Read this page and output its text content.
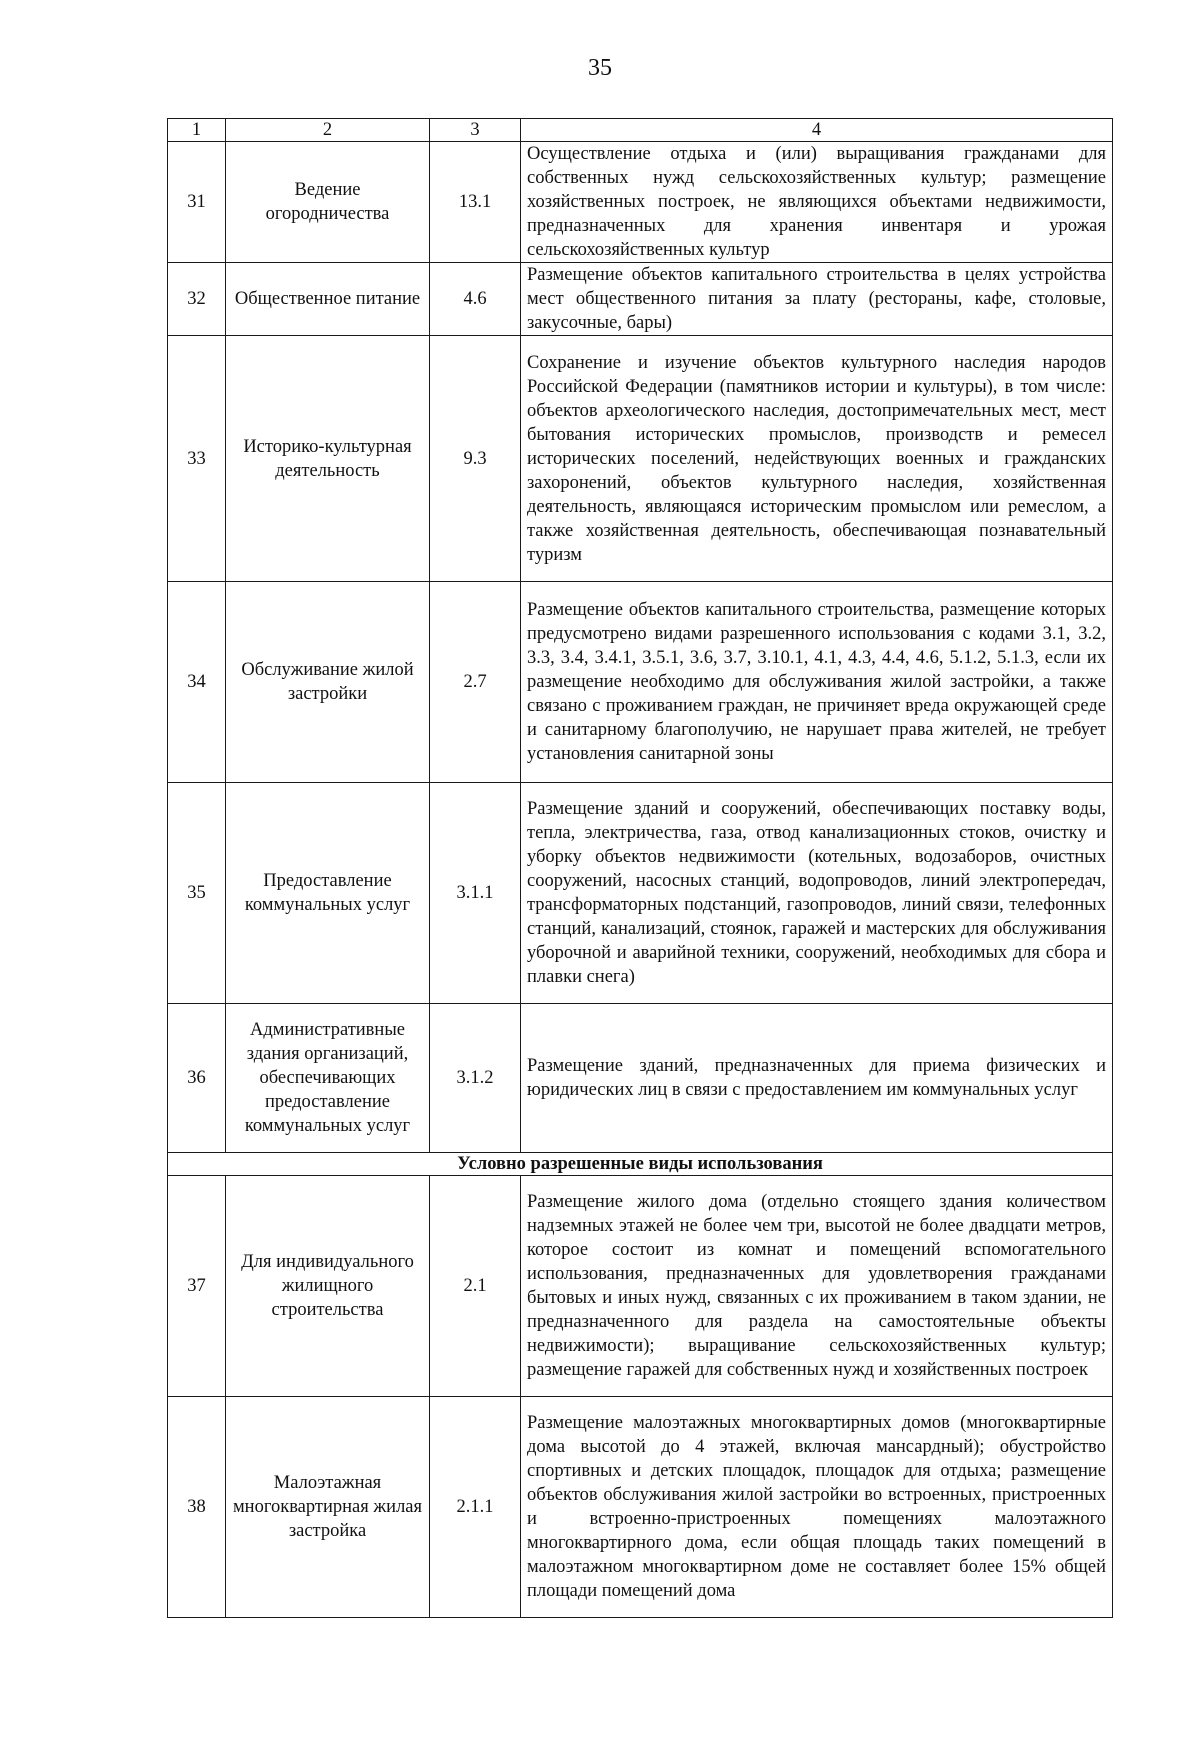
35
1	2	3	4
31	Ведение огородничества	13.1	Осуществление отдыха и (или) выращивания гражданами для собственных нужд сельскохозяйственных культур; размещение хозяйственных построек, не являющихся объектами недвижимости, предназначенных для хранения инвентаря и урожая сельскохозяйственных культур
32	Общественное питание	4.6	Размещение объектов капитального строительства в целях устройства мест общественного питания за плату (рестораны, кафе, столовые, закусочные, бары)
33	Историко-культурная деятельность	9.3	Сохранение и изучение объектов культурного наследия народов Российской Федерации (памятников истории и культуры), в том числе: объектов археологического наследия, достопримечательных мест, мест бытования исторических промыслов, производств и ремесел исторических поселений, недействующих военных и гражданских захоронений, объектов культурного наследия, хозяйственная деятельность, являющаяся историческим промыслом или ремеслом, а также хозяйственная деятельность, обеспечивающая познавательный туризм
34	Обслуживание жилой застройки	2.7	Размещение объектов капитального строительства, размещение которых предусмотрено видами разрешенного использования с кодами 3.1, 3.2, 3.3, 3.4, 3.4.1, 3.5.1, 3.6, 3.7, 3.10.1, 4.1, 4.3, 4.4, 4.6, 5.1.2, 5.1.3, если их размещение необходимо для обслуживания жилой застройки, а также связано с проживанием граждан, не причиняет вреда окружающей среде и санитарному благополучию, не нарушает права жителей, не требует установления санитарной зоны
35	Предоставление коммунальных услуг	3.1.1	Размещение зданий и сооружений, обеспечивающих поставку воды, тепла, электричества, газа, отвод канализационных стоков, очистку и уборку объектов недвижимости (котельных, водозаборов, очистных сооружений, насосных станций, водопроводов, линий электропередач, трансформаторных подстанций, газопроводов, линий связи, телефонных станций, канализаций, стоянок, гаражей и мастерских для обслуживания уборочной и аварийной техники, сооружений, необходимых для сбора и плавки снега)
36	Административные здания организаций, обеспечивающих предоставление коммунальных услуг	3.1.2	Размещение зданий, предназначенных для приема физических и юридических лиц в связи с предоставлением им коммунальных услуг
Условно разрешенные виды использования			
37	Для индивидуального жилищного строительства	2.1	Размещение жилого дома (отдельно стоящего здания количеством надземных этажей не более чем три, высотой не более двадцати метров, которое состоит из комнат и помещений вспомогательного использования, предназначенных для удовлетворения гражданами бытовых и иных нужд, связанных с их проживанием в таком здании, не предназначенного для раздела на самостоятельные объекты недвижимости); выращивание сельскохозяйственных культур; размещение гаражей для собственных нужд и хозяйственных построек
38	Малоэтажная многоквартирная жилая застройка	2.1.1	Размещение малоэтажных многоквартирных домов (многоквартирные дома высотой до 4 этажей, включая мансардный); обустройство спортивных и детских площадок, площадок для отдыха; размещение объектов обслуживания жилой застройки во встроенных, пристроенных и встроенно-пристроенных помещениях малоэтажного многоквартирного дома, если общая площадь таких помещений в малоэтажном многоквартирном доме не составляет более 15% общей площади помещений дома
